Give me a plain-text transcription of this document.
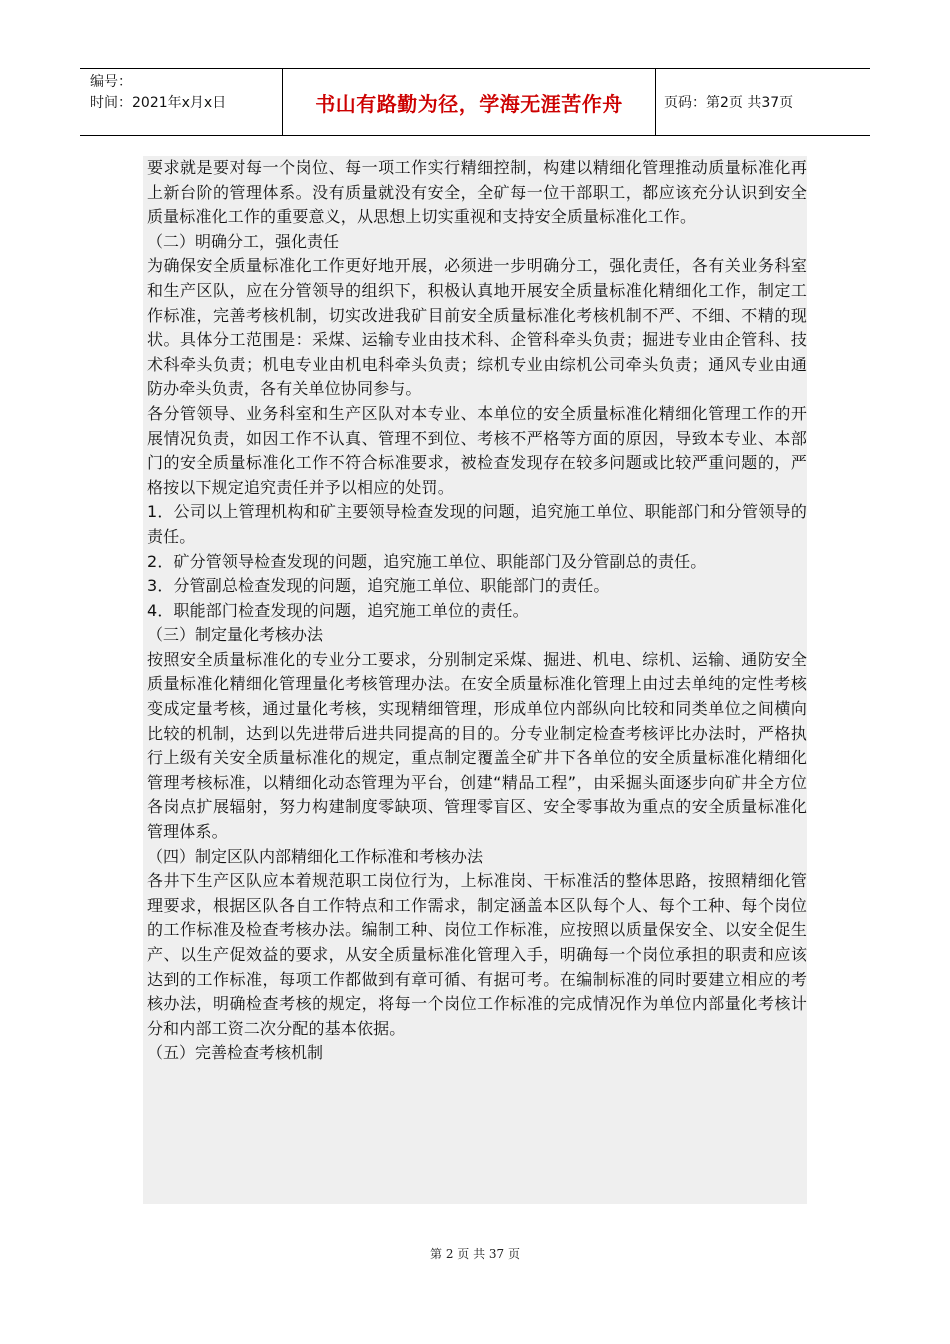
编号：
时间：2021年x月x日	书山有路勤为径，学海无涯苦作舟	页码：第2页 共37页

要求就是要对每一个岗位、每一项工作实行精细控制，构建以精细化管理推动质量标准化再上新台阶的管理体系。没有质量就没有安全，全矿每一位干部职工，都应该充分认识到安全质量标准化工作的重要意义，从思想上切实重视和支持安全质量标准化工作。

（二）明确分工，强化责任

为确保安全质量标准化工作更好地开展，必须进一步明确分工，强化责任，各有关业务科室和生产区队，应在分管领导的组织下，积极认真地开展安全质量标准化精细化工作，制定工作标准，完善考核机制，切实改进我矿目前安全质量标准化考核机制不严、不细、不精的现状。具体分工范围是：采煤、运输专业由技术科、企管科牵头负责；掘进专业由企管科、技术科牵头负责；机电专业由机电科牵头负责；综机专业由综机公司牵头负责；通风专业由通防办牵头负责，各有关单位协同参与。

各分管领导、业务科室和生产区队对本专业、本单位的安全质量标准化精细化管理工作的开展情况负责，如因工作不认真、管理不到位、考核不严格等方面的原因，导致本专业、本部门的安全质量标准化工作不符合标准要求，被检查发现存在较多问题或比较严重问题的，严格按以下规定追究责任并予以相应的处罚。

1．公司以上管理机构和矿主要领导检查发现的问题，追究施工单位、职能部门和分管领导的责任。

2．矿分管领导检查发现的问题，追究施工单位、职能部门及分管副总的责任。

3．分管副总检查发现的问题，追究施工单位、职能部门的责任。

4．职能部门检查发现的问题，追究施工单位的责任。

（三）制定量化考核办法

按照安全质量标准化的专业分工要求，分别制定采煤、掘进、机电、综机、运输、通防安全质量标准化精细化管理量化考核管理办法。在安全质量标准化管理上由过去单纯的定性考核变成定量考核，通过量化考核，实现精细管理，形成单位内部纵向比较和同类单位之间横向比较的机制，达到以先进带后进共同提高的目的。分专业制定检查考核评比办法时，严格执行上级有关安全质量标准化的规定，重点制定覆盖全矿井下各单位的安全质量标准化精细化管理考核标准，以精细化动态管理为平台，创建“精品工程”，由采掘头面逐步向矿井全方位各岗点扩展辐射，努力构建制度零缺项、管理零盲区、安全零事故为重点的安全质量标准化管理体系。

（四）制定区队内部精细化工作标准和考核办法

各井下生产区队应本着规范职工岗位行为，上标准岗、干标准活的整体思路，按照精细化管理要求，根据区队各自工作特点和工作需求，制定涵盖本区队每个人、每个工种、每个岗位的工作标准及检查考核办法。编制工种、岗位工作标准，应按照以质量保安全、以安全促生产、以生产促效益的要求，从安全质量标准化管理入手，明确每一个岗位承担的职责和应该达到的工作标准，每项工作都做到有章可循、有据可考。在编制标准的同时要建立相应的考核办法，明确检查考核的规定，将每一个岗位工作标准的完成情况作为单位内部量化考核计分和内部工资二次分配的基本依据。

（五）完善检查考核机制

第 2 页 共 37 页
